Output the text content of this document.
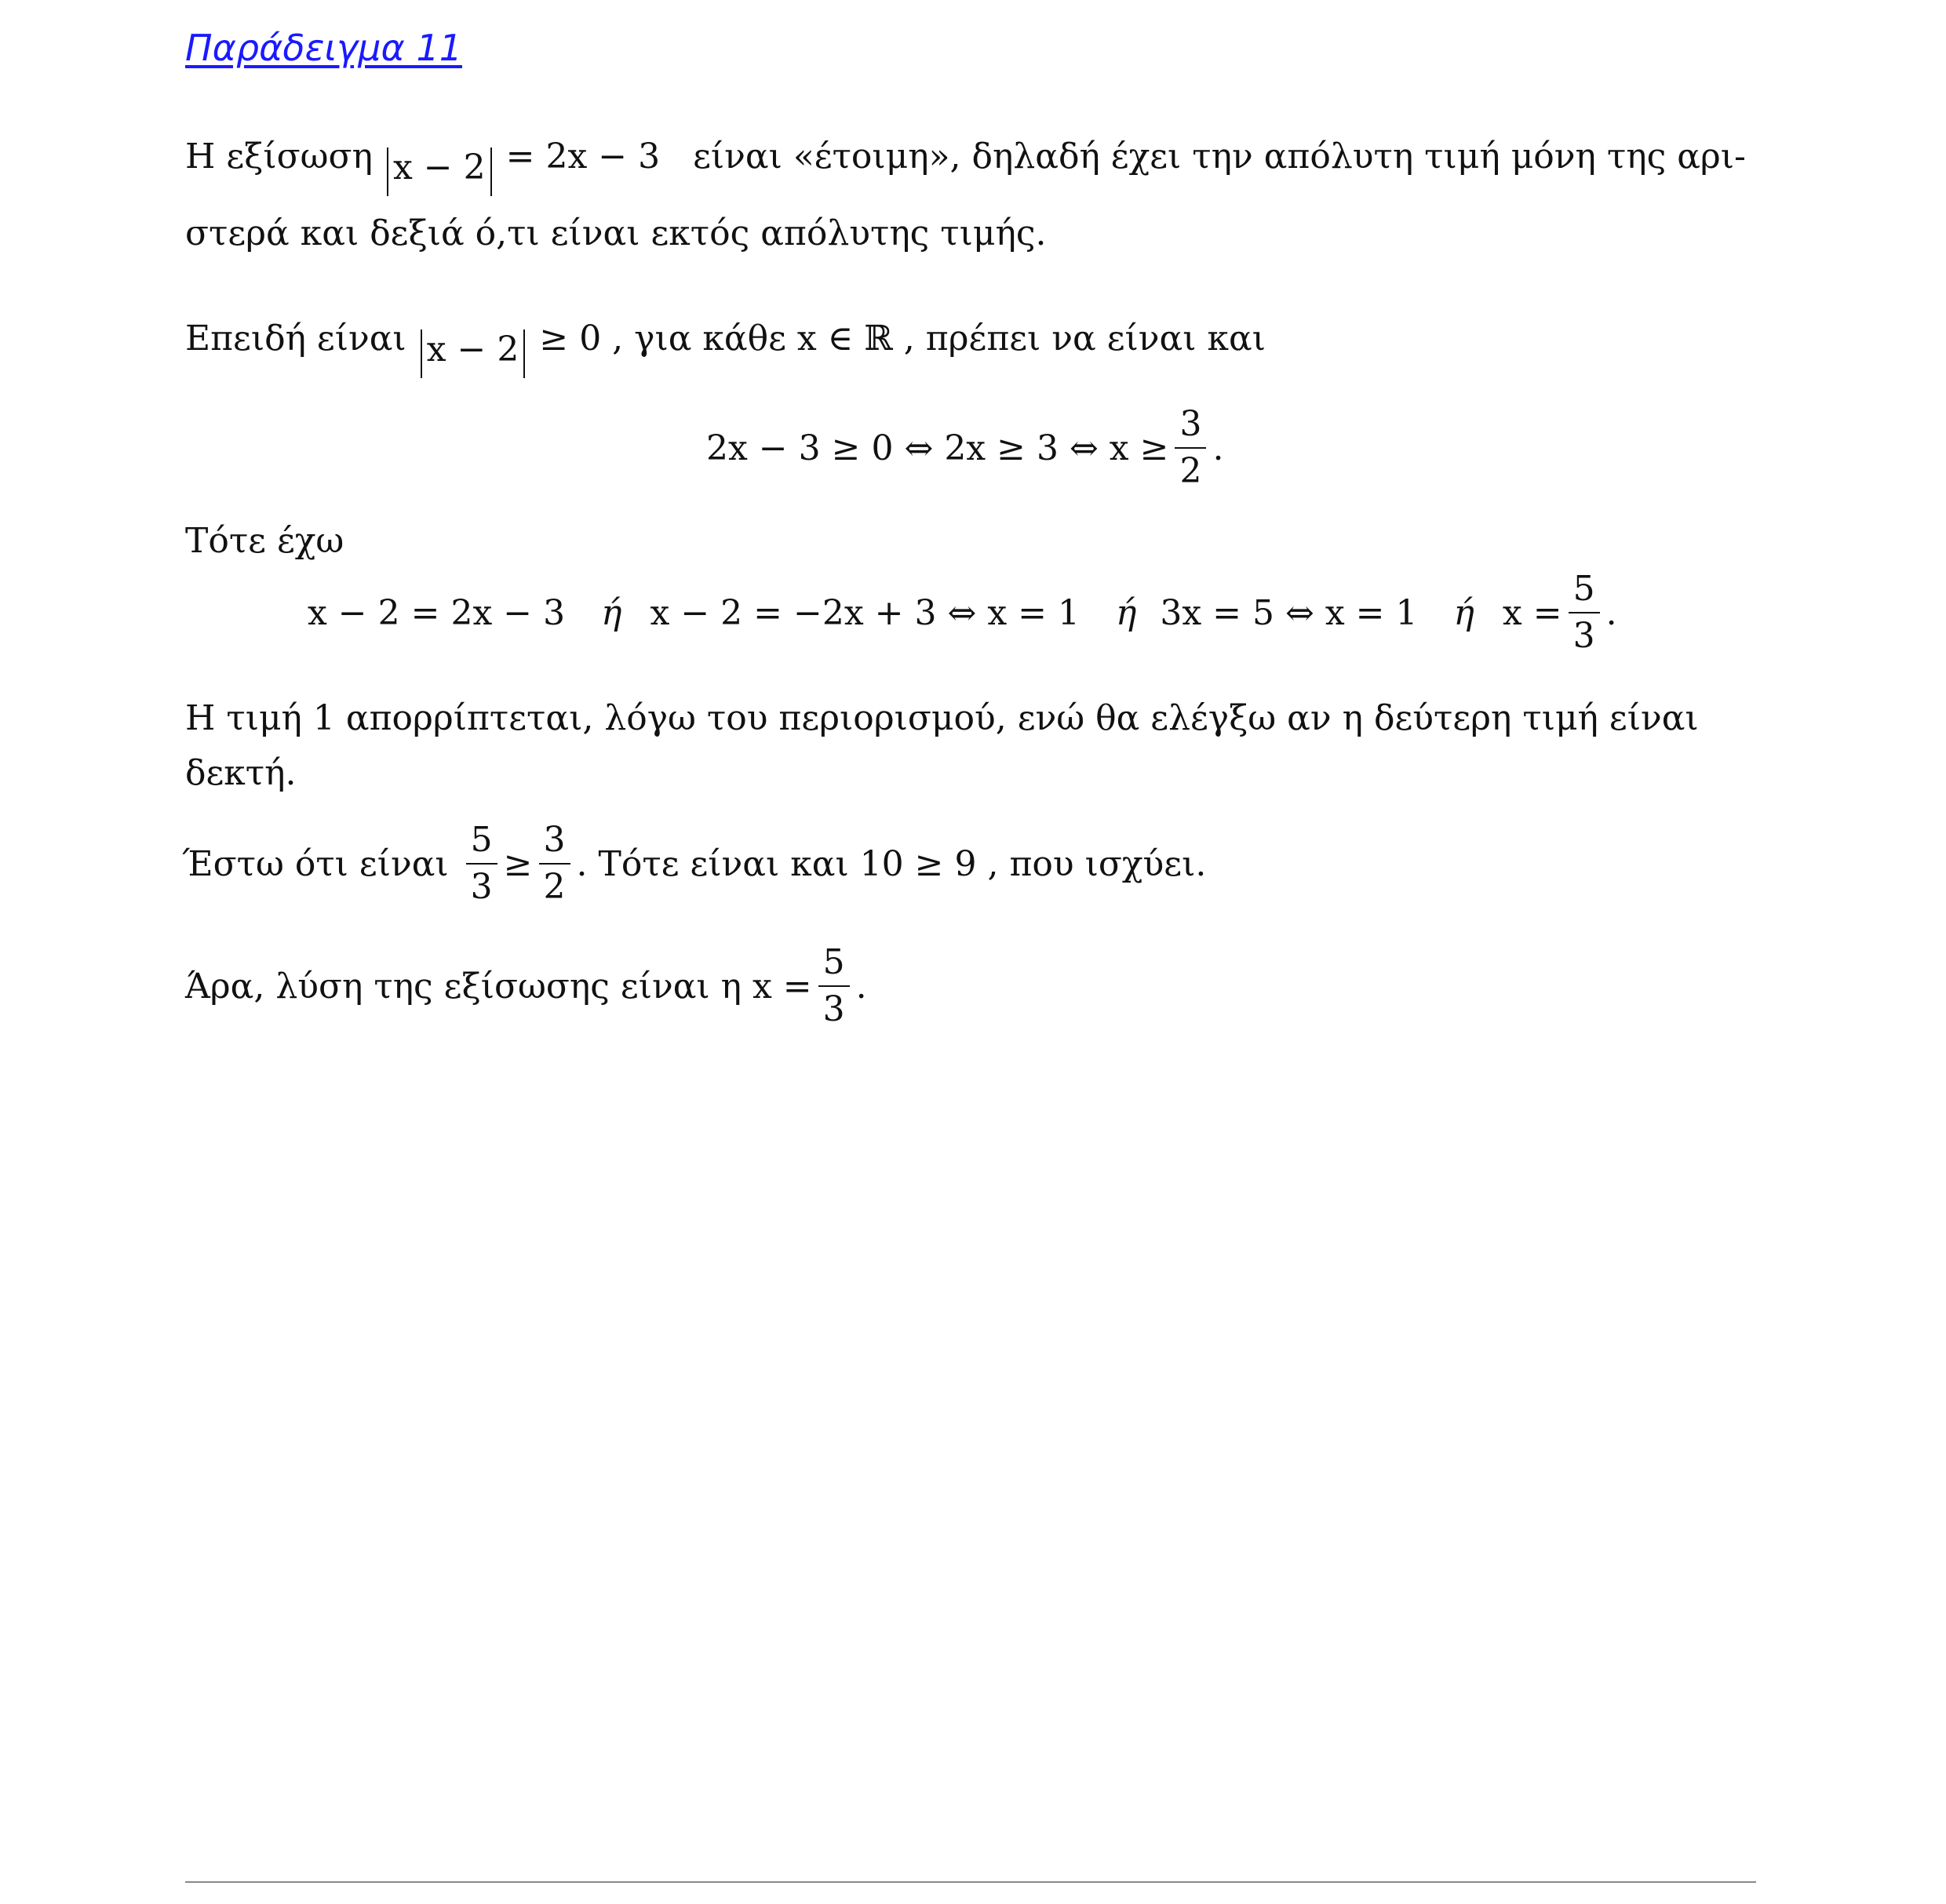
Παράδειγμα 11
Η εξίσωση x − 2 = 2x − 3 είναι «έτοιμη», δηλαδή έχει την απόλυτη τιμή μόνη της αρι-
στερά και δεξιά ό,τι είναι εκτός απόλυτης τιμής.
Επειδή είναι x − 2 ≥ 0 , για κάθε x ∈ ℝ , πρέπει να είναι και
2x − 3 ≥ 0 ⇔ 2x ≥ 3 ⇔ $x \ge \frac{3}{2}$ .
Τότε έχω
x − 2 = 2x − 3 ή x − 2 = −2x + 3 ⇔ x = 1 ή 3x = 5 ⇔ x = 1 ή $x = \frac{5}{3}$ .
Η τιμή 1 απορρίπτεται, λόγω του περιορισμού, ενώ θα ελέγξω αν η δεύτερη τιμή είναι
δεκτή.
Έστω ότι είναι $\frac{5}{3} \ge \frac{3}{2}$ . Τότε είναι και 10 ≥ 9 , που ισχύει.
Άρα, λύση της εξίσωσης είναι η $x = \frac{5}{3}$ .
